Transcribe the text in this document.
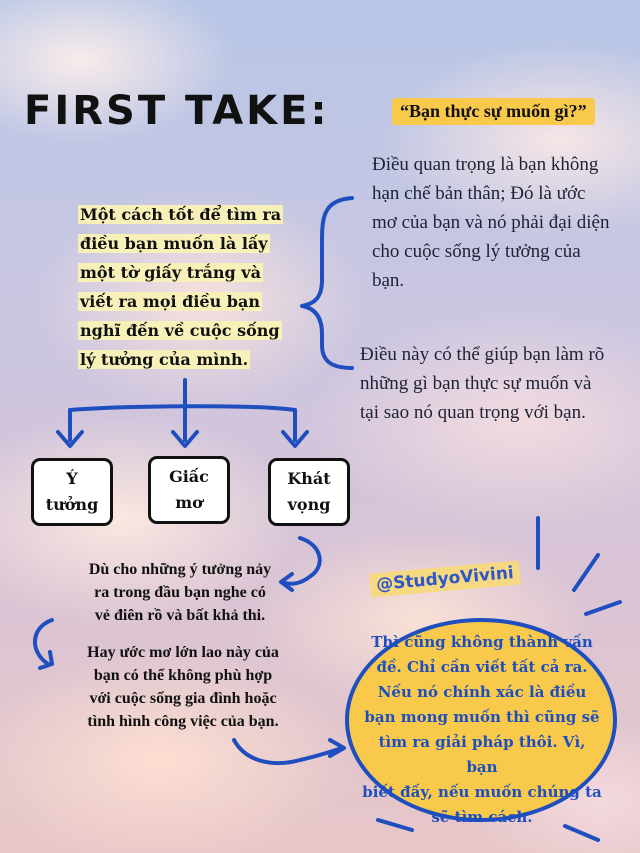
FIRST TAKE:	“Bạn thực sự muốn gì?”
Điều quan trọng là bạn không hạn chế bản thân; Đó là ước mơ của bạn và nó phải đại diện cho cuộc sống lý tưởng của bạn.
Điều này có thể giúp bạn làm rõ những gì bạn thực sự muốn và tại sao nó quan trọng với bạn.
Một cách tốt để tìm ra
điều bạn muốn là lấy
một tờ giấy trắng và
viết ra mọi điều bạn
nghĩ đến về cuộc sống
lý tưởng của mình.
Ý
tưởng
Giấc
mơ
Khát
vọng
Dù cho những ý tưởng nảy
ra trong đầu bạn nghe có
vẻ điên rồ và bất khả thi.
Hay ước mơ lớn lao này của
bạn có thể không phù hợp
với cuộc sống gia đình hoặc
tình hình công việc của bạn.
Thì cũng không thành vấn
đề. Chỉ cần viết tất cả ra.
Nếu nó chính xác là điều
bạn mong muốn thì cũng sẽ
tìm ra giải pháp thôi. Vì, bạn
biết đấy, nếu muốn chúng ta
sẽ tìm cách.
@StudyoVivini
